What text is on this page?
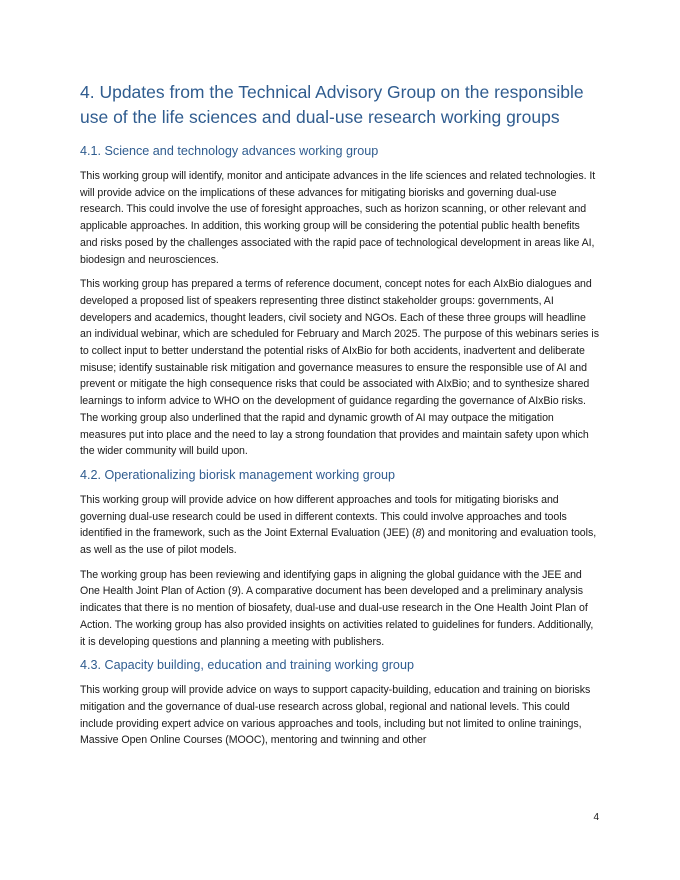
4. Updates from the Technical Advisory Group on the responsible use of the life sciences and dual-use research working groups
4.1. Science and technology advances working group

This working group will identify, monitor and anticipate advances in the life sciences and related technologies. It will provide advice on the implications of these advances for mitigating biorisks and governing dual-use research. This could involve the use of foresight approaches, such as horizon scanning, or other relevant and applicable approaches. In addition, this working group will be considering the potential public health benefits and risks posed by the challenges associated with the rapid pace of technological development in areas like AI, biodesign and neurosciences.

This working group has prepared a terms of reference document, concept notes for each AIxBio dialogues and developed a proposed list of speakers representing three distinct stakeholder groups: governments, AI developers and academics, thought leaders, civil society and NGOs. Each of these three groups will headline an individual webinar, which are scheduled for February and March 2025. The purpose of this webinars series is to collect input to better understand the potential risks of AIxBio for both accidents, inadvertent and deliberate misuse; identify sustainable risk mitigation and governance measures to ensure the responsible use of AI and prevent or mitigate the high consequence risks that could be associated with AIxBio; and to synthesize shared learnings to inform advice to WHO on the development of guidance regarding the governance of AIxBio risks. The working group also underlined that the rapid and dynamic growth of AI may outpace the mitigation measures put into place and the need to lay a strong foundation that provides and maintain safety upon which the wider community will build upon.

4.2. Operationalizing biorisk management working group

This working group will provide advice on how different approaches and tools for mitigating biorisks and governing dual-use research could be used in different contexts. This could involve approaches and tools identified in the framework, such as the Joint External Evaluation (JEE) (8) and monitoring and evaluation tools, as well as the use of pilot models.

The working group has been reviewing and identifying gaps in aligning the global guidance with the JEE and One Health Joint Plan of Action (9). A comparative document has been developed and a preliminary analysis indicates that there is no mention of biosafety, dual-use and dual-use research in the One Health Joint Plan of Action. The working group has also provided insights on activities related to guidelines for funders. Additionally, it is developing questions and planning a meeting with publishers.

4.3. Capacity building, education and training working group

This working group will provide advice on ways to support capacity-building, education and training on biorisks mitigation and the governance of dual-use research across global, regional and national levels. This could include providing expert advice on various approaches and tools, including but not limited to online trainings, Massive Open Online Courses (MOOC), mentoring and twinning and other

4
